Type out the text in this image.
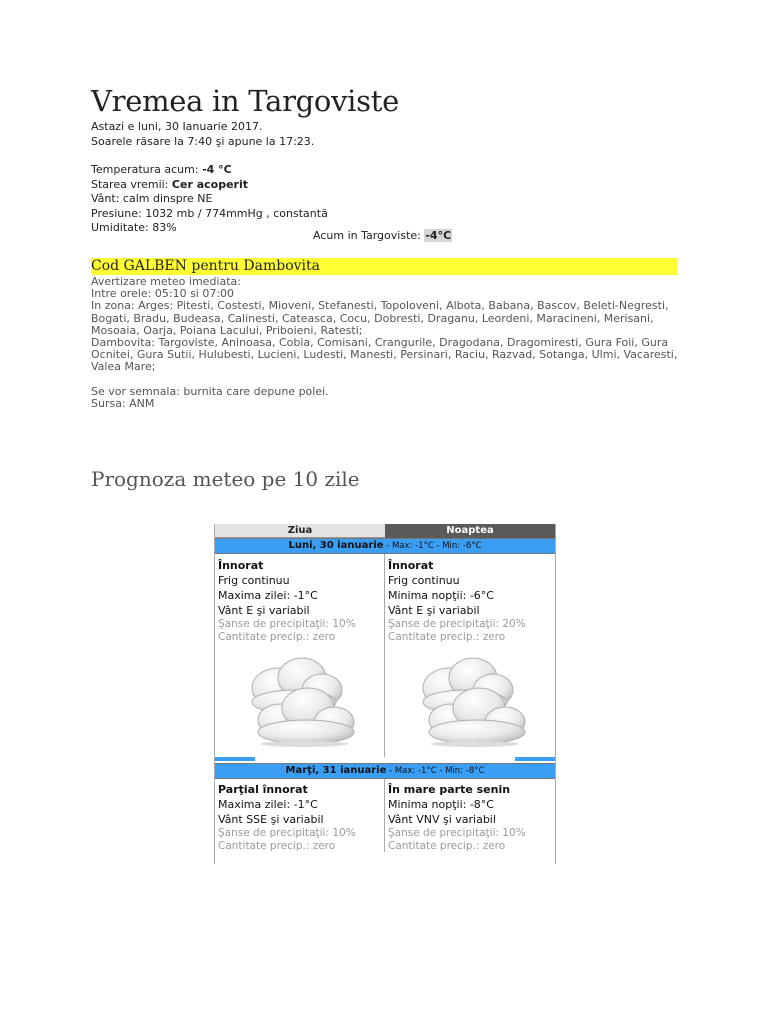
Vremea in Targoviste
Astazi e luni, 30 Ianuarie 2017.
Soarele răsare la 7:40 şi apune la 17:23.
Temperatura acum: -4 °C
Starea vremii: Cer acoperit
Vânt: calm dinspre NE
Presiune: 1032 mb / 774mmHg , constantă
Umiditate: 83%
Acum in Targoviste: -4°C
Cod GALBEN pentru Dambovita

Avertizare meteo imediata:

Intre orele: 05:10 si 07:00

In zona: Arges: Pitesti, Costesti, Mioveni, Stefanesti, Topoloveni, Albota, Babana, Bascov, Beleti-Negresti, Bogati, Bradu, Budeasa, Calinesti, Cateasca, Cocu, Dobresti, Draganu, Leordeni, Maracineni, Merisani, Mosoaia, Oarja, Poiana Lacului, Priboieni, Ratesti;

Dambovita: Targoviste, Aninoasa, Cobia, Comisani, Crangurile, Dragodana, Dragomiresti, Gura Foii, Gura Ocnitei, Gura Sutii, Hulubesti, Lucieni, Ludesti, Manesti, Persinari, Raciu, Razvad, Sotanga, Ulmi, Vacaresti, Valea Mare;

Se vor semnala: burnita care depune polei.

Sursa: ANM

Prognoza meteo pe 10 zile
Ziua	Noaptea
Luni, 30 ianuarie - Max: -1°C - Min: -6°C
Înnorat
Frig continuu
Maxima zilei: -1°C
Vânt E şi variabil
Şanse de precipitaţii: 10%
Cantitate precip.: zero
Înnorat
Frig continuu
Minima nopţii: -6°C
Vânt E şi variabil
Şanse de precipitaţii: 20%
Cantitate precip.: zero
Marţi, 31 ianuarie - Max: -1°C - Min: -8°C
Parţial înnorat
Maxima zilei: -1°C
Vânt SSE şi variabil
Şanse de precipitaţii: 10%
Cantitate precip.: zero
În mare parte senin
Minima nopţii: -8°C
Vânt VNV şi variabil
Şanse de precipitaţii: 10%
Cantitate precip.: zero
